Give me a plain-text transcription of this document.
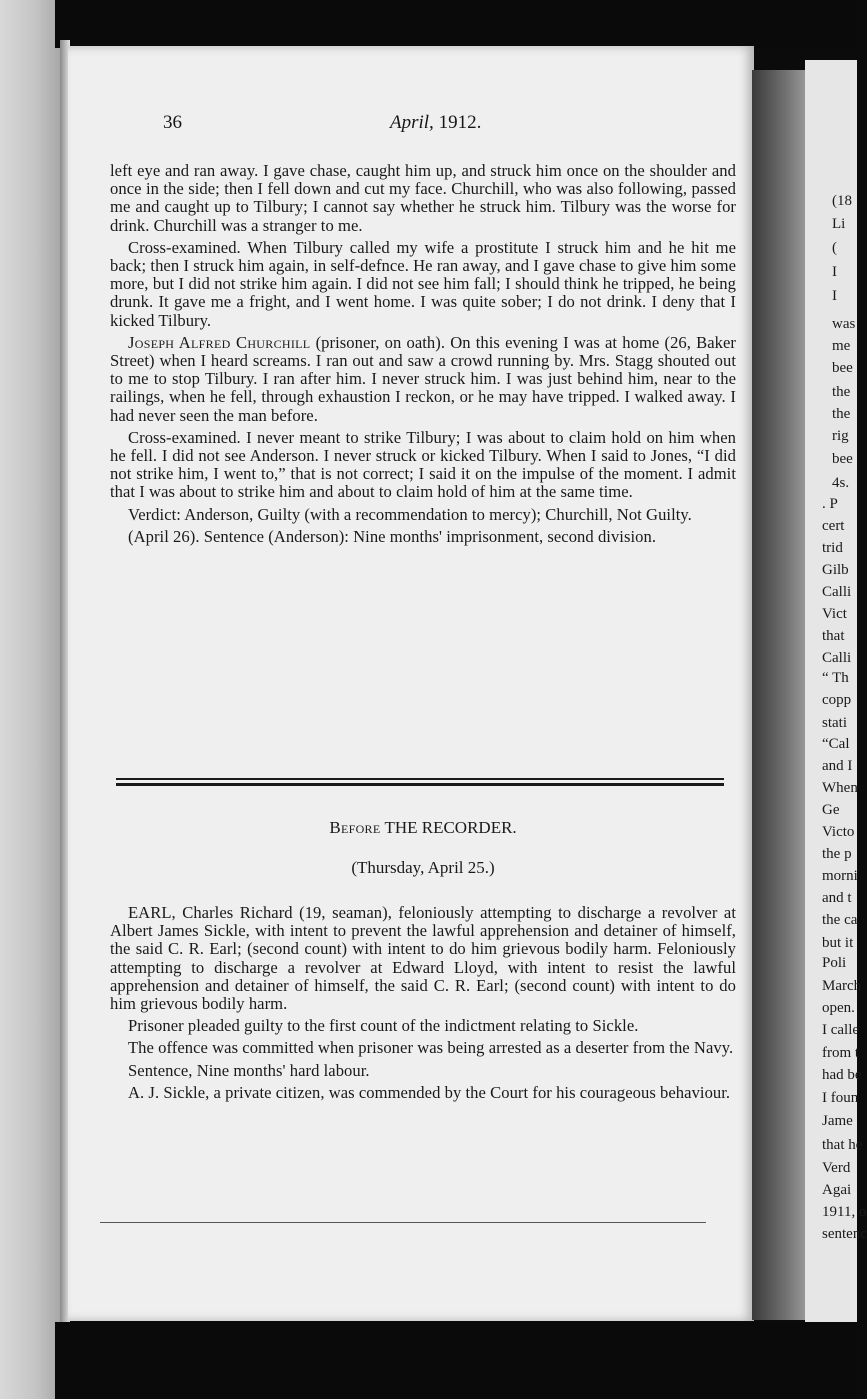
36	April, 1912.

left eye and ran away. I gave chase, caught him up, and struck him once on the shoulder and once in the side; then I fell down and cut my face. Churchill, who was also following, passed me and caught up to Tilbury; I cannot say whether he struck him. Tilbury was the worse for drink. Churchill was a stranger to me.

Cross-examined. When Tilbury called my wife a prostitute I struck him and he hit me back; then I struck him again, in self-defnce. He ran away, and I gave chase to give him some more, but I did not strike him again. I did not see him fall; I should think he tripped, he being drunk. It gave me a fright, and I went home. I was quite sober; I do not drink. I deny that I kicked Tilbury.

Joseph Alfred Churchill (prisoner, on oath). On this evening I was at home (26, Baker Street) when I heard screams. I ran out and saw a crowd running by. Mrs. Stagg shouted out to me to stop Tilbury. I ran after him. I never struck him. I was just behind him, near to the railings, when he fell, through exhaustion I reckon, or he may have tripped. I walked away. I had never seen the man before.

Cross-examined. I never meant to strike Tilbury; I was about to claim hold on him when he fell. I did not see Anderson. I never struck or kicked Tilbury. When I said to Jones, “I did not strike him, I went to,” that is not correct; I said it on the impulse of the moment. I admit that I was about to strike him and about to claim hold of him at the same time.

Verdict: Anderson, Guilty (with a recommendation to mercy); Churchill, Not Guilty.

(April 26). Sentence (Anderson): Nine months' imprisonment, second division.

Before THE RECORDER.
(Thursday, April 25.)

EARL, Charles Richard (19, seaman), feloniously attempting to discharge a revolver at Albert James Sickle, with intent to prevent the lawful apprehension and detainer of himself, the said C. R. Earl; (second count) with intent to do him grievous bodily harm. Feloniously attempting to discharge a revolver at Edward Lloyd, with intent to resist the lawful apprehension and detainer of himself, the said C. R. Earl; (second count) with intent to do him grievous bodily harm.

Prisoner pleaded guilty to the first count of the indictment relating to Sickle.

The offence was committed when prisoner was being arrested as a deserter from the Navy.

Sentence, Nine months' hard labour.

A. J. Sickle, a private citizen, was commended by the Court for his courageous behaviour.

(18
Li
(
I
I
was
me
bee
the
the
rig
bee
4s.
. P
cert
trid
Gilb
Calli
Vict
that
Calli
“ Th
copp
stati
“Cal
and I
When
Ge
Victo
the p
morni
and t
the ca
but it
Poli
March
open.
I calle
from t
had be
I foun
Jame
that he
Verd
Agai
1911, o
sentenc
